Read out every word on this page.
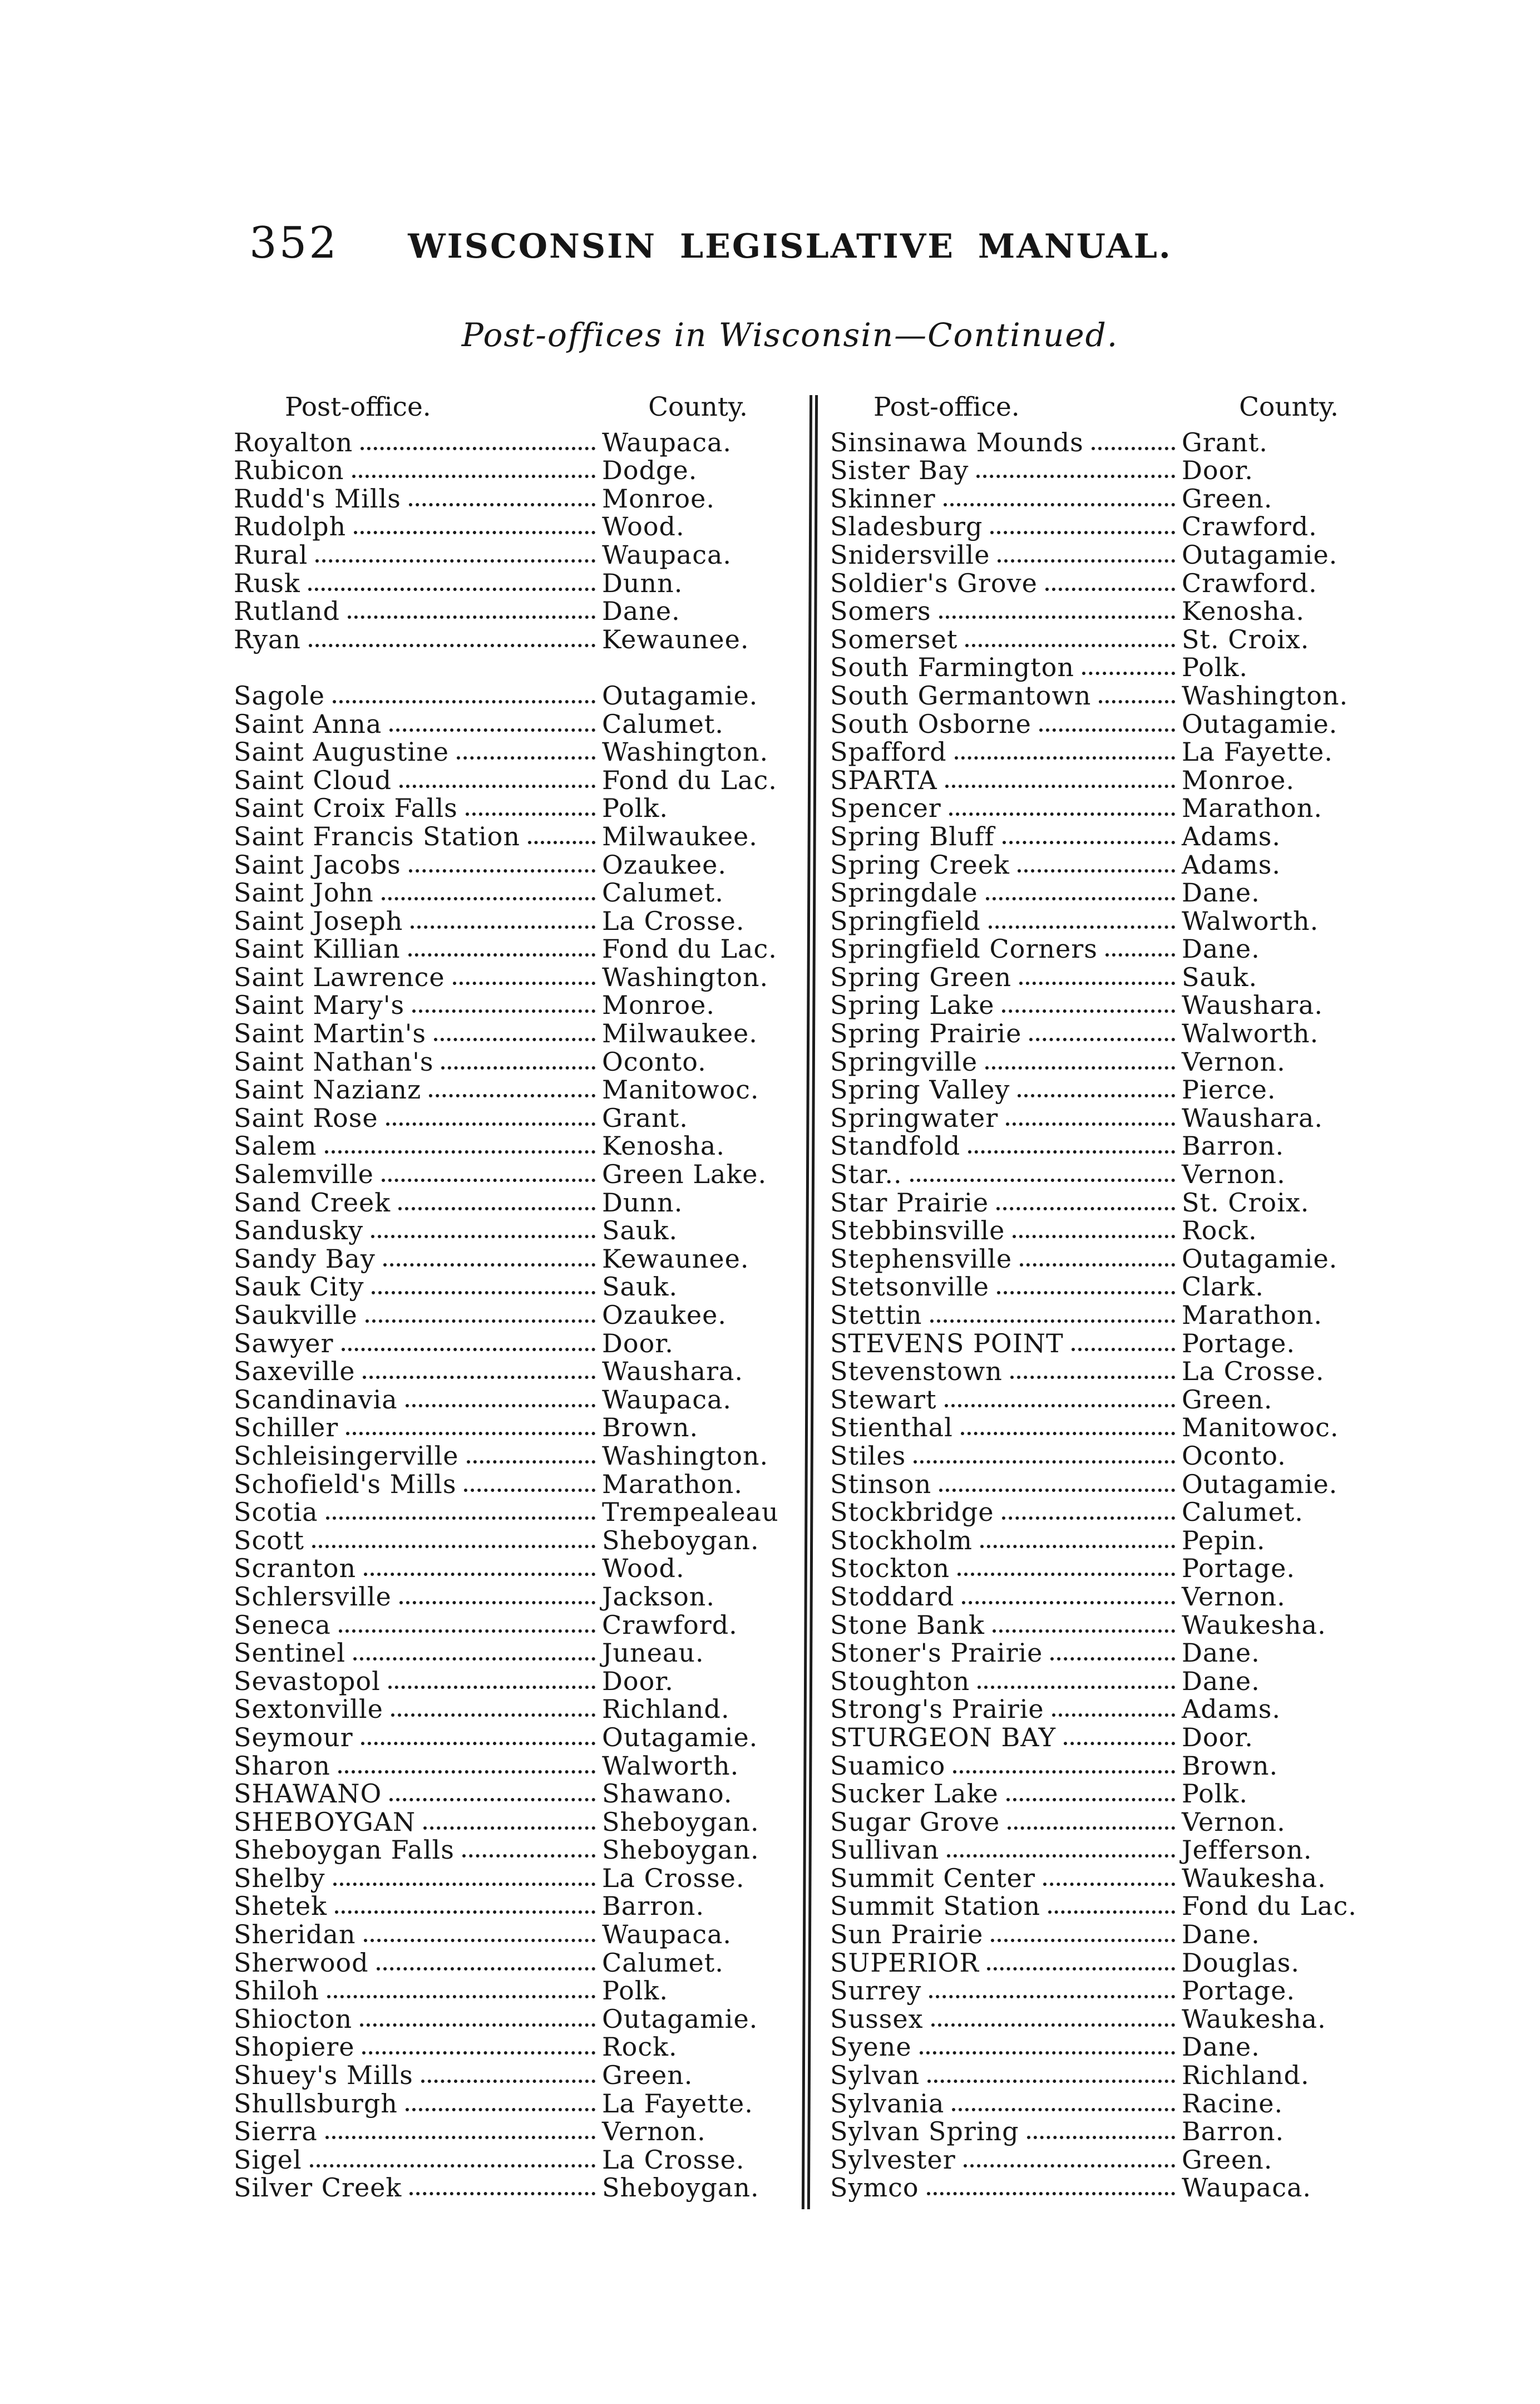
352	WISCONSIN LEGISLATIVE MANUAL.
Post-offices in Wisconsin—Continued.
Post-office.	County.
Royalton	Waupaca.
Rubicon	Dodge.
Rudd's Mills	Monroe.
Rudolph	Wood.
Rural	Waupaca.
Rusk	Dunn.
Rutland	Dane.
Ryan	Kewaunee.
Sagole	Outagamie.
Saint Anna	Calumet.
Saint Augustine	Washington.
Saint Cloud	Fond du Lac.
Saint Croix Falls	Polk.
Saint Francis Station	Milwaukee.
Saint Jacobs	Ozaukee.
Saint John	Calumet.
Saint Joseph	La Crosse.
Saint Killian	Fond du Lac.
Saint Lawrence	Washington.
Saint Mary's	Monroe.
Saint Martin's	Milwaukee.
Saint Nathan's	Oconto.
Saint Nazianz	Manitowoc.
Saint Rose	Grant.
Salem	Kenosha.
Salemville	Green Lake.
Sand Creek	Dunn.
Sandusky	Sauk.
Sandy Bay	Kewaunee.
Sauk City	Sauk.
Saukville	Ozaukee.
Sawyer	Door.
Saxeville	Waushara.
Scandinavia	Waupaca.
Schiller	Brown.
Schleisingerville	Washington.
Schofield's Mills	Marathon.
Scotia	Trempealeau
Scott	Sheboygan.
Scranton	Wood.
Schlersville	Jackson.
Seneca	Crawford.
Sentinel	Juneau.
Sevastopol	Door.
Sextonville	Richland.
Seymour	Outagamie.
Sharon	Walworth.
SHAWANO	Shawano.
SHEBOYGAN	Sheboygan.
Sheboygan Falls	Sheboygan.
Shelby	La Crosse.
Shetek	Barron.
Sheridan	Waupaca.
Sherwood	Calumet.
Shiloh	Polk.
Shiocton	Outagamie.
Shopiere	Rock.
Shuey's Mills	Green.
Shullsburgh	La Fayette.
Sierra	Vernon.
Sigel	La Crosse.
Silver Creek	Sheboygan.
Post-office.	County.
Sinsinawa Mounds	Grant.
Sister Bay	Door.
Skinner	Green.
Sladesburg	Crawford.
Snidersville	Outagamie.
Soldier's Grove	Crawford.
Somers	Kenosha.
Somerset	St. Croix.
South Farmington	Polk.
South Germantown	Washington.
South Osborne	Outagamie.
Spafford	La Fayette.
SPARTA	Monroe.
Spencer	Marathon.
Spring Bluff	Adams.
Spring Creek	Adams.
Springdale	Dane.
Springfield	Walworth.
Springfield Corners	Dane.
Spring Green	Sauk.
Spring Lake	Waushara.
Spring Prairie	Walworth.
Springville	Vernon.
Spring Valley	Pierce.
Springwater	Waushara.
Standfold	Barron.
Star..	Vernon.
Star Prairie	St. Croix.
Stebbinsville	Rock.
Stephensville	Outagamie.
Stetsonville	Clark.
Stettin	Marathon.
STEVENS POINT	Portage.
Stevenstown	La Crosse.
Stewart	Green.
Stienthal	Manitowoc.
Stiles	Oconto.
Stinson	Outagamie.
Stockbridge	Calumet.
Stockholm	Pepin.
Stockton	Portage.
Stoddard	Vernon.
Stone Bank	Waukesha.
Stoner's Prairie	Dane.
Stoughton	Dane.
Strong's Prairie	Adams.
STURGEON BAY	Door.
Suamico	Brown.
Sucker Lake	Polk.
Sugar Grove	Vernon.
Sullivan	Jefferson.
Summit Center	Waukesha.
Summit Station	Fond du Lac.
Sun Prairie	Dane.
SUPERIOR	Douglas.
Surrey	Portage.
Sussex	Waukesha.
Syene	Dane.
Sylvan	Richland.
Sylvania	Racine.
Sylvan Spring	Barron.
Sylvester	Green.
Symco	Waupaca.
